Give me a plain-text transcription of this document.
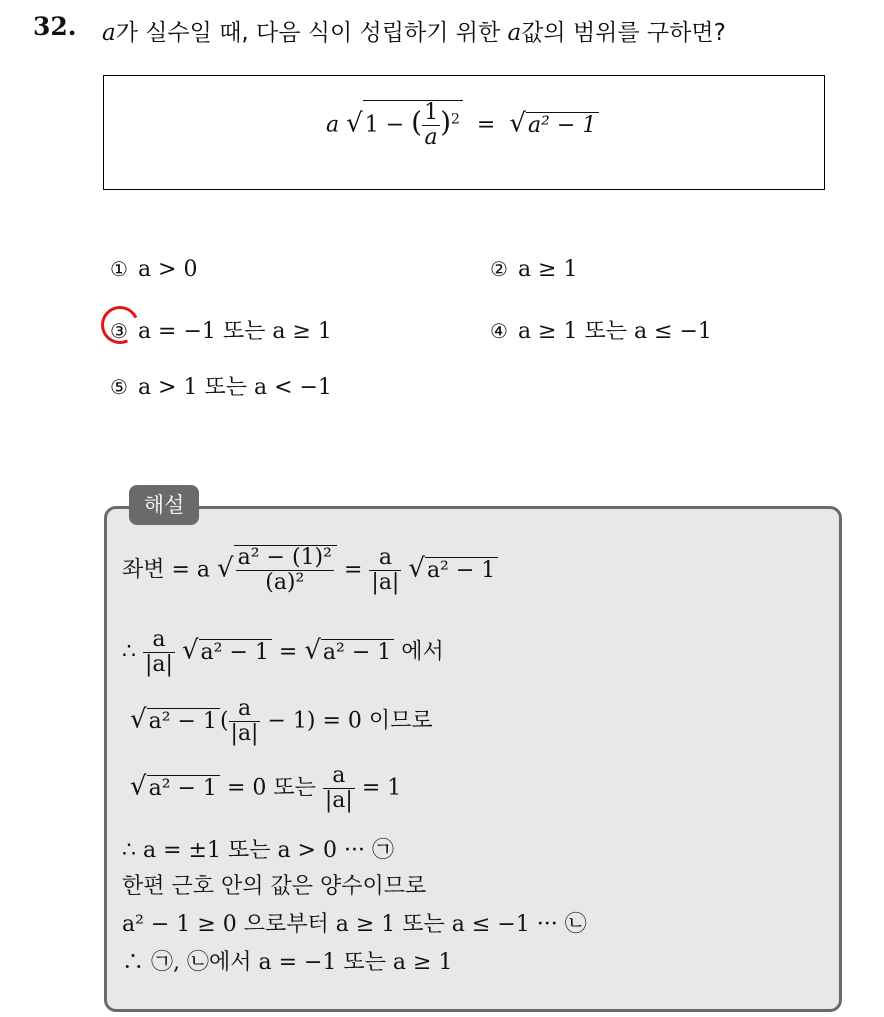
32. a가 실수일 때, 다음 식이 성립하기 위한 a값의 범위를 구하면?
a √1 − ( $\frac{1}{a} )^2 = √a^2 - 1$
① a > 0	② a ≥ 1
③ a = −1 또는 a ≥ 1	④ a ≥ 1 또는 a ≤ −1
⑤ a > 1 또는 a < −1
해설
좌변 = a √ $\frac{\text{a² − (1)²}}{\text{(a)²}} = \frac{a}{|a|} √a^2 - 1$
∴ $\frac{a}{|a|} √a^2 - 1 = √a^2 - 1$ 에서
√a² − 1 ( $\frac{a}{|a|} - 1) = 0$ 이므로
√a² − 1 = 0 또는 $\frac{a}{|a|} = 1$
∴ a = ±1 또는 a > 0 ··· ㉠
한편 근호 안의 값은 양수이므로
a² − 1 ≥ 0 으로부터 a ≥ 1 또는 a ≤ −1 ··· ㉡
∴ ㉠, ㉡에서 a = −1 또는 a ≥ 1
